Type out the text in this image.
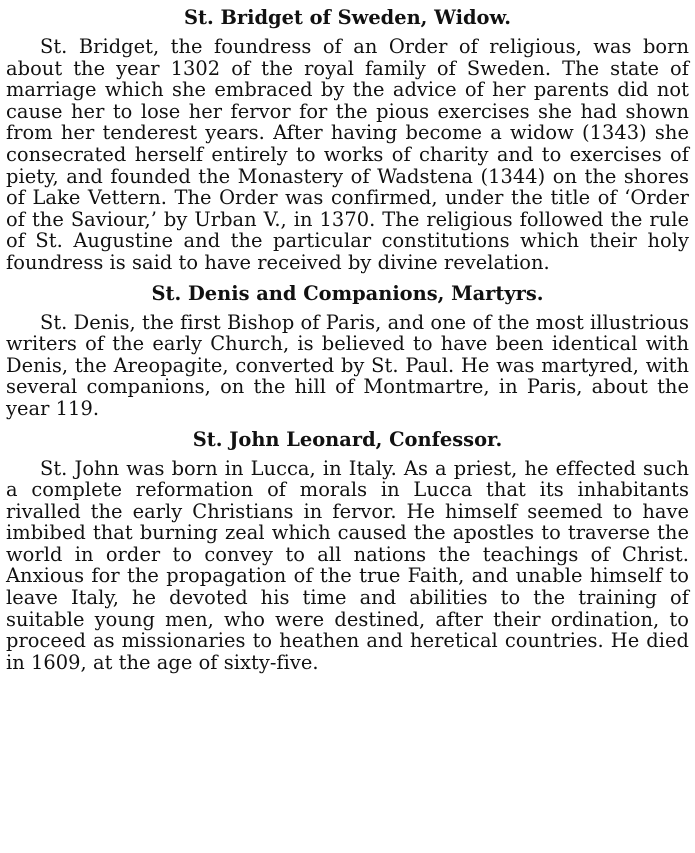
St. Bridget of Sweden, Widow.

St. Bridget, the foundress of an Order of religious, was born about the year 1302 of the royal family of Sweden. The state of marriage which she embraced by the advice of her parents did not cause her to lose her fervor for the pious exercises she had shown from her tenderest years. After having become a widow (1343) she consecrated herself entirely to works of charity and to exercises of piety, and founded the Monastery of Wadstena (1344) on the shores of Lake Vettern. The Order was confirmed, under the title of ‘Order of the Saviour,’ by Urban V., in 1370. The religious followed the rule of St. Augustine and the particular constitutions which their holy foundress is said to have received by divine revelation.

St. Denis and Companions, Martyrs.

St. Denis, the first Bishop of Paris, and one of the most illustrious writers of the early Church, is believed to have been identical with Denis, the Areopagite, converted by St. Paul. He was martyred, with several companions, on the hill of Montmartre, in Paris, about the year 119.

St. John Leonard, Confessor.

St. John was born in Lucca, in Italy. As a priest, he effected such a complete reformation of morals in Lucca that its inhabitants rivalled the early Christians in fervor. He himself seemed to have imbibed that burning zeal which caused the apostles to traverse the world in order to convey to all nations the teachings of Christ. Anxious for the propagation of the true Faith, and unable himself to leave Italy, he devoted his time and abilities to the training of suitable young men, who were destined, after their ordination, to proceed as missionaries to heathen and heretical countries. He died in 1609, at the age of sixty-five.
